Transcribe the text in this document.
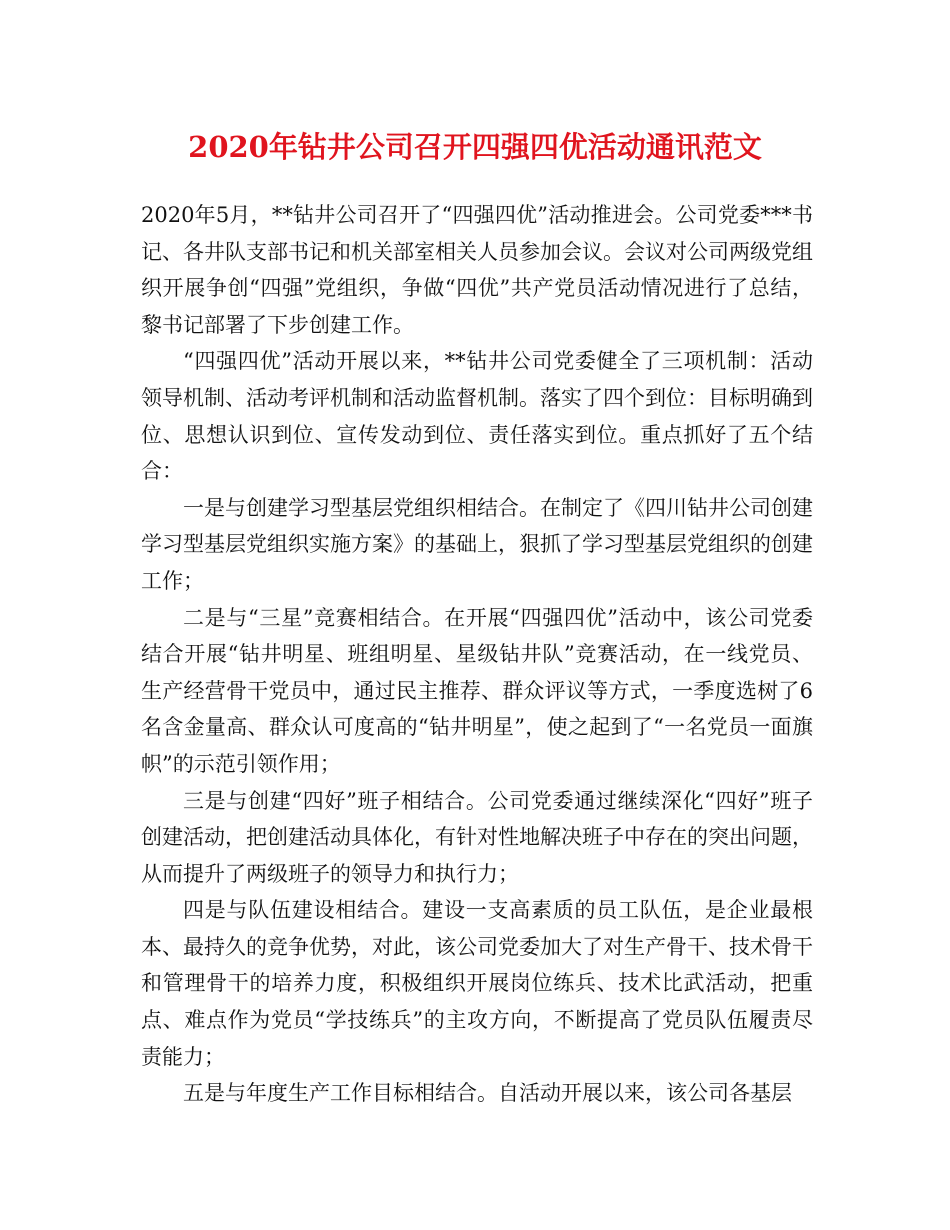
2020年钻井公司召开四强四优活动通讯范文

2020年5月，**钻井公司召开了“四强四优”活动推进会。公司党委***书记、各井队支部书记和机关部室相关人员参加会议。会议对公司两级党组织开展争创“四强”党组织，争做“四优”共产党员活动情况进行了总结，黎书记部署了下步创建工作。

“四强四优”活动开展以来，**钻井公司党委健全了三项机制：活动领导机制、活动考评机制和活动监督机制。落实了四个到位：目标明确到位、思想认识到位、宣传发动到位、责任落实到位。重点抓好了五个结合：

一是与创建学习型基层党组织相结合。在制定了《四川钻井公司创建学习型基层党组织实施方案》的基础上，狠抓了学习型基层党组织的创建工作；

二是与“三星”竞赛相结合。在开展“四强四优”活动中，该公司党委结合开展“钻井明星、班组明星、星级钻井队”竞赛活动，在一线党员、生产经营骨干党员中，通过民主推荐、群众评议等方式，一季度选树了6名含金量高、群众认可度高的“钻井明星”，使之起到了“一名党员一面旗帜”的示范引领作用；

三是与创建“四好”班子相结合。公司党委通过继续深化“四好”班子创建活动，把创建活动具体化，有针对性地解决班子中存在的突出问题，从而提升了两级班子的领导力和执行力；

四是与队伍建设相结合。建设一支高素质的员工队伍，是企业最根本、最持久的竞争优势，对此，该公司党委加大了对生产骨干、技术骨干和管理骨干的培养力度，积极组织开展岗位练兵、技术比武活动，把重点、难点作为党员“学技练兵”的主攻方向，不断提高了党员队伍履责尽责能力；

五是与年度生产工作目标相结合。自活动开展以来，该公司各基层
